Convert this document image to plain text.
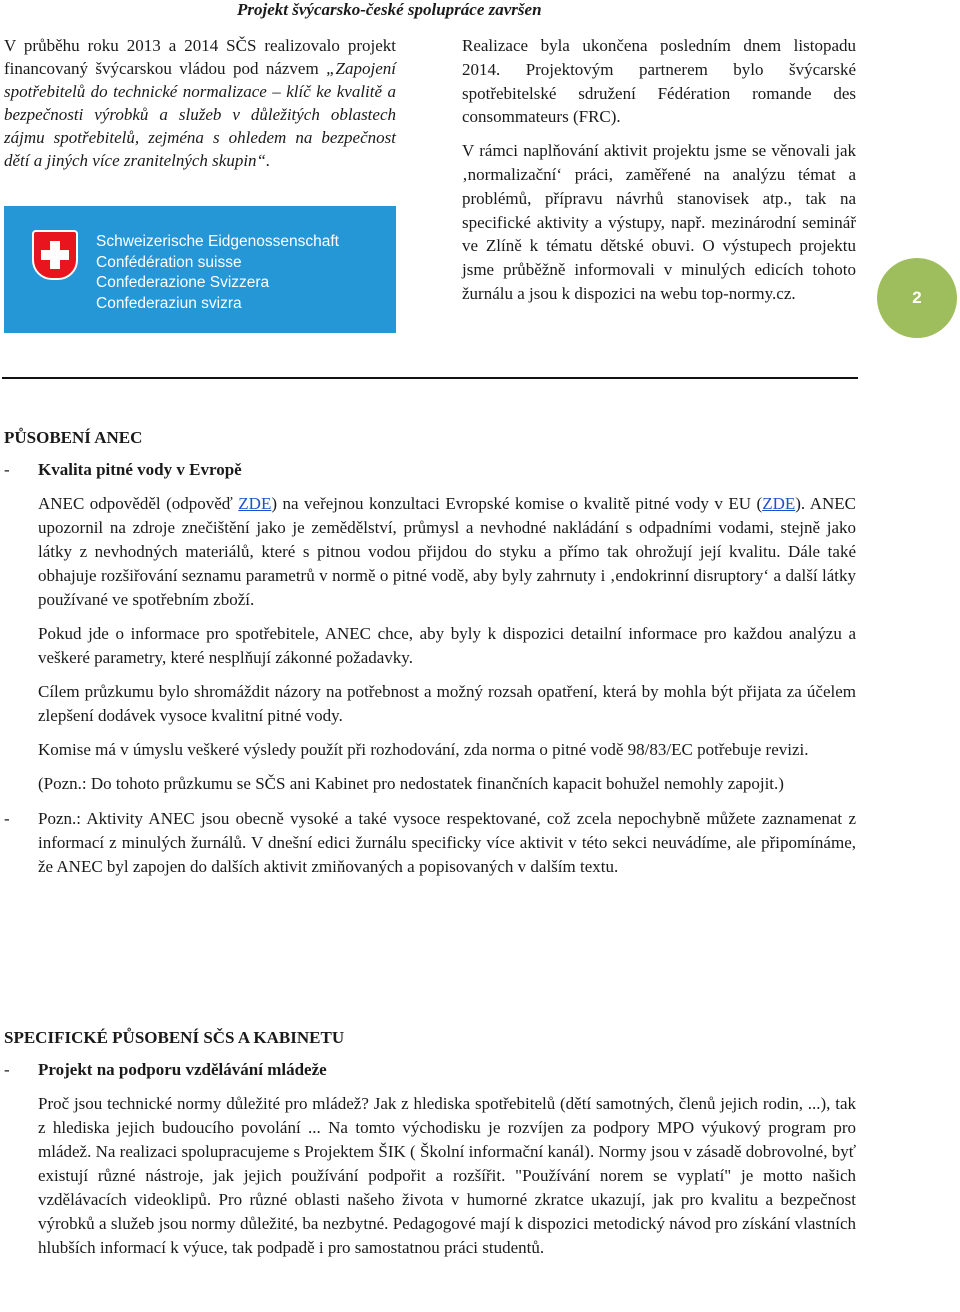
Projekt švýcarsko-české spolupráce završen
V průběhu roku 2013 a 2014 SČS realizovalo projekt financovaný švýcarskou vládou pod názvem „Zapojení spotřebitelů do technické normalizace – klíč ke kvalitě a bezpečnosti výrobků a služeb v důležitých oblastech zájmu spotřebitelů, zejména s ohledem na bezpečnost dětí a jiných více zranitelných skupin“.
Schweizerische Eidgenossenschaft
Confédération suisse
Confederazione Svizzera
Confederaziun svizra

Realizace byla ukončena posledním dnem listopadu 2014. Projektovým partnerem bylo švýcarské spotřebitelské sdružení Fédération romande des consommateurs (FRC).

V rámci naplňování aktivit projektu jsme se věnovali jak ‚normalizační‘ práci, zaměřené na analýzu témat a problémů, přípravu návrhů stanovisek atp., tak na specifické aktivity a výstupy, např. mezinárodní seminář ve Zlíně k tématu dětské obuvi. O výstupech projektu jsme průběžně informovali v minulých edicích tohoto žurnálu a jsou k dispozici na webu top-normy.cz.	2
PŮSOBENÍ ANEC
- Kvalita pitné vody v Evropě

ANEC odpověděl (odpověď ZDE) na veřejnou konzultaci Evropské komise o kvalitě pitné vody v EU (ZDE). ANEC upozornil na zdroje znečištění jako je zemědělství, průmysl a nevhodné nakládání s odpadními vodami, stejně jako látky z nevhodných materiálů, které s pitnou vodou přijdou do styku a přímo tak ohrožují její kvalitu. Dále také obhajuje rozšiřování seznamu parametrů v normě o pitné vodě, aby byly zahrnuty i ‚endokrinní disruptory‘ a další látky používané ve spotřebním zboží.

Pokud jde o informace pro spotřebitele, ANEC chce, aby byly k dispozici detailní informace pro každou analýzu a veškeré parametry, které nesplňují zákonné požadavky.

Cílem průzkumu bylo shromáždit názory na potřebnost a možný rozsah opatření, která by mohla být přijata za účelem zlepšení dodávek vysoce kvalitní pitné vody.

Komise má v úmyslu veškeré výsledy použít při rozhodování, zda norma o pitné vodě 98/83/EC potřebuje revizi.

(Pozn.: Do tohoto průzkumu se SČS ani Kabinet pro nedostatek finančních kapacit bohužel nemohly zapojit.)

- Pozn.: Aktivity ANEC jsou obecně vysoké a také vysoce respektované, což zcela nepochybně můžete zaznamenat z informací z minulých žurnálů. V dnešní edici žurnálu specificky více aktivit v této sekci neuvádíme, ale připomínáme, že ANEC byl zapojen do dalších aktivit zmiňovaných a popisovaných v dalším textu.
SPECIFICKÉ PŮSOBENÍ SČS A KABINETU
- Projekt na podporu vzdělávání mládeže

Proč jsou technické normy důležité pro mládež? Jak z hlediska spotřebitelů (dětí samotných, členů jejich rodin, ...), tak z hlediska jejich budoucího povolání ... Na tomto východisku je rozvíjen za podpory MPO výukový program pro mládež. Na realizaci spolupracujeme s Projektem ŠIK ( Školní informační kanál). Normy jsou v zásadě dobrovolné, byť existují různé nástroje, jak jejich používání podpořit a rozšířit. "Používání norem se vyplatí" je motto našich vzdělávacích videoklipů. Pro různé oblasti našeho života v humorné zkratce ukazují, jak pro kvalitu a bezpečnost výrobků a služeb jsou normy důležité, ba nezbytné. Pedagogové mají k dispozici metodický návod pro získání vlastních hlubších informací k výuce, tak podpadě i pro samostatnou práci studentů.
